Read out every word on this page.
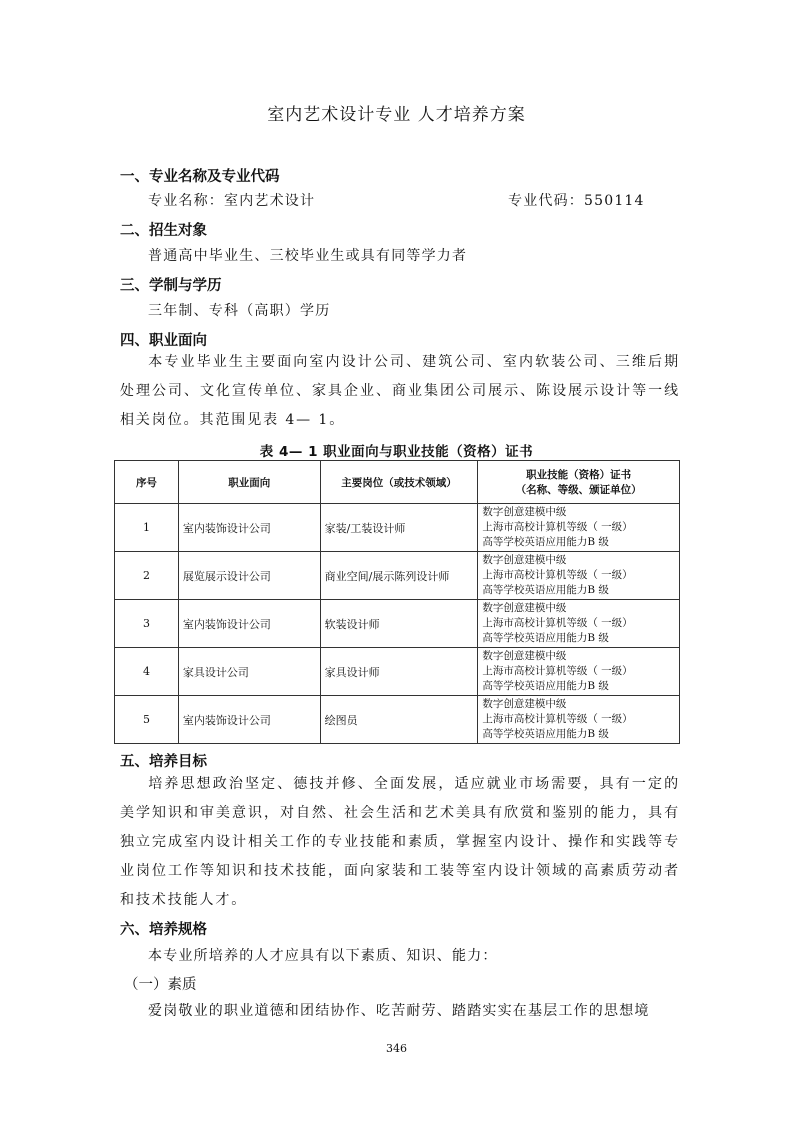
室内艺术设计专业 人才培养方案
一、专业名称及专业代码
专业名称：室内艺术设计	专业代码：550114
二、招生对象
普通高中毕业生、三校毕业生或具有同等学力者
三、学制与学历
三年制、专科（高职）学历
四、职业面向
本专业毕业生主要面向室内设计公司、建筑公司、室内软装公司、三维后期处理公司、文化宣传单位、家具企业、商业集团公司展示、陈设展示设计等一线相关岗位。其范围见表 4— 1。
表 4— 1 职业面向与职业技能（资格）证书
序号	职业面向	主要岗位（或技术领域）	职业技能（资格）证书
（名称、等级、颁证单位）

1	室内装饰设计公司	家装/工装设计师	数字创意建模中级
上海市高校计算机等级（ 一级）
高等学校英语应用能力B 级

2	展览展示设计公司	商业空间/展示陈列设计师	数字创意建模中级
上海市高校计算机等级（ 一级）
高等学校英语应用能力B 级

3	室内装饰设计公司	软装设计师	数字创意建模中级
上海市高校计算机等级（ 一级）
高等学校英语应用能力B 级

4	家具设计公司	家具设计师	数字创意建模中级
上海市高校计算机等级（ 一级）
高等学校英语应用能力B 级

5	室内装饰设计公司	绘图员	数字创意建模中级
上海市高校计算机等级（ 一级）
高等学校英语应用能力B 级
五、培养目标
培养思想政治坚定、德技并修、全面发展，适应就业市场需要，具有一定的美学知识和审美意识，对自然、社会生活和艺术美具有欣赏和鉴别的能力，具有独立完成室内设计相关工作的专业技能和素质，掌握室内设计、操作和实践等专业岗位工作等知识和技术技能，面向家装和工装等室内设计领域的高素质劳动者和技术技能人才。
六、培养规格
本专业所培养的人才应具有以下素质、知识、能力：
（一）素质
爱岗敬业的职业道德和团结协作、吃苦耐劳、踏踏实实在基层工作的思想境
346
